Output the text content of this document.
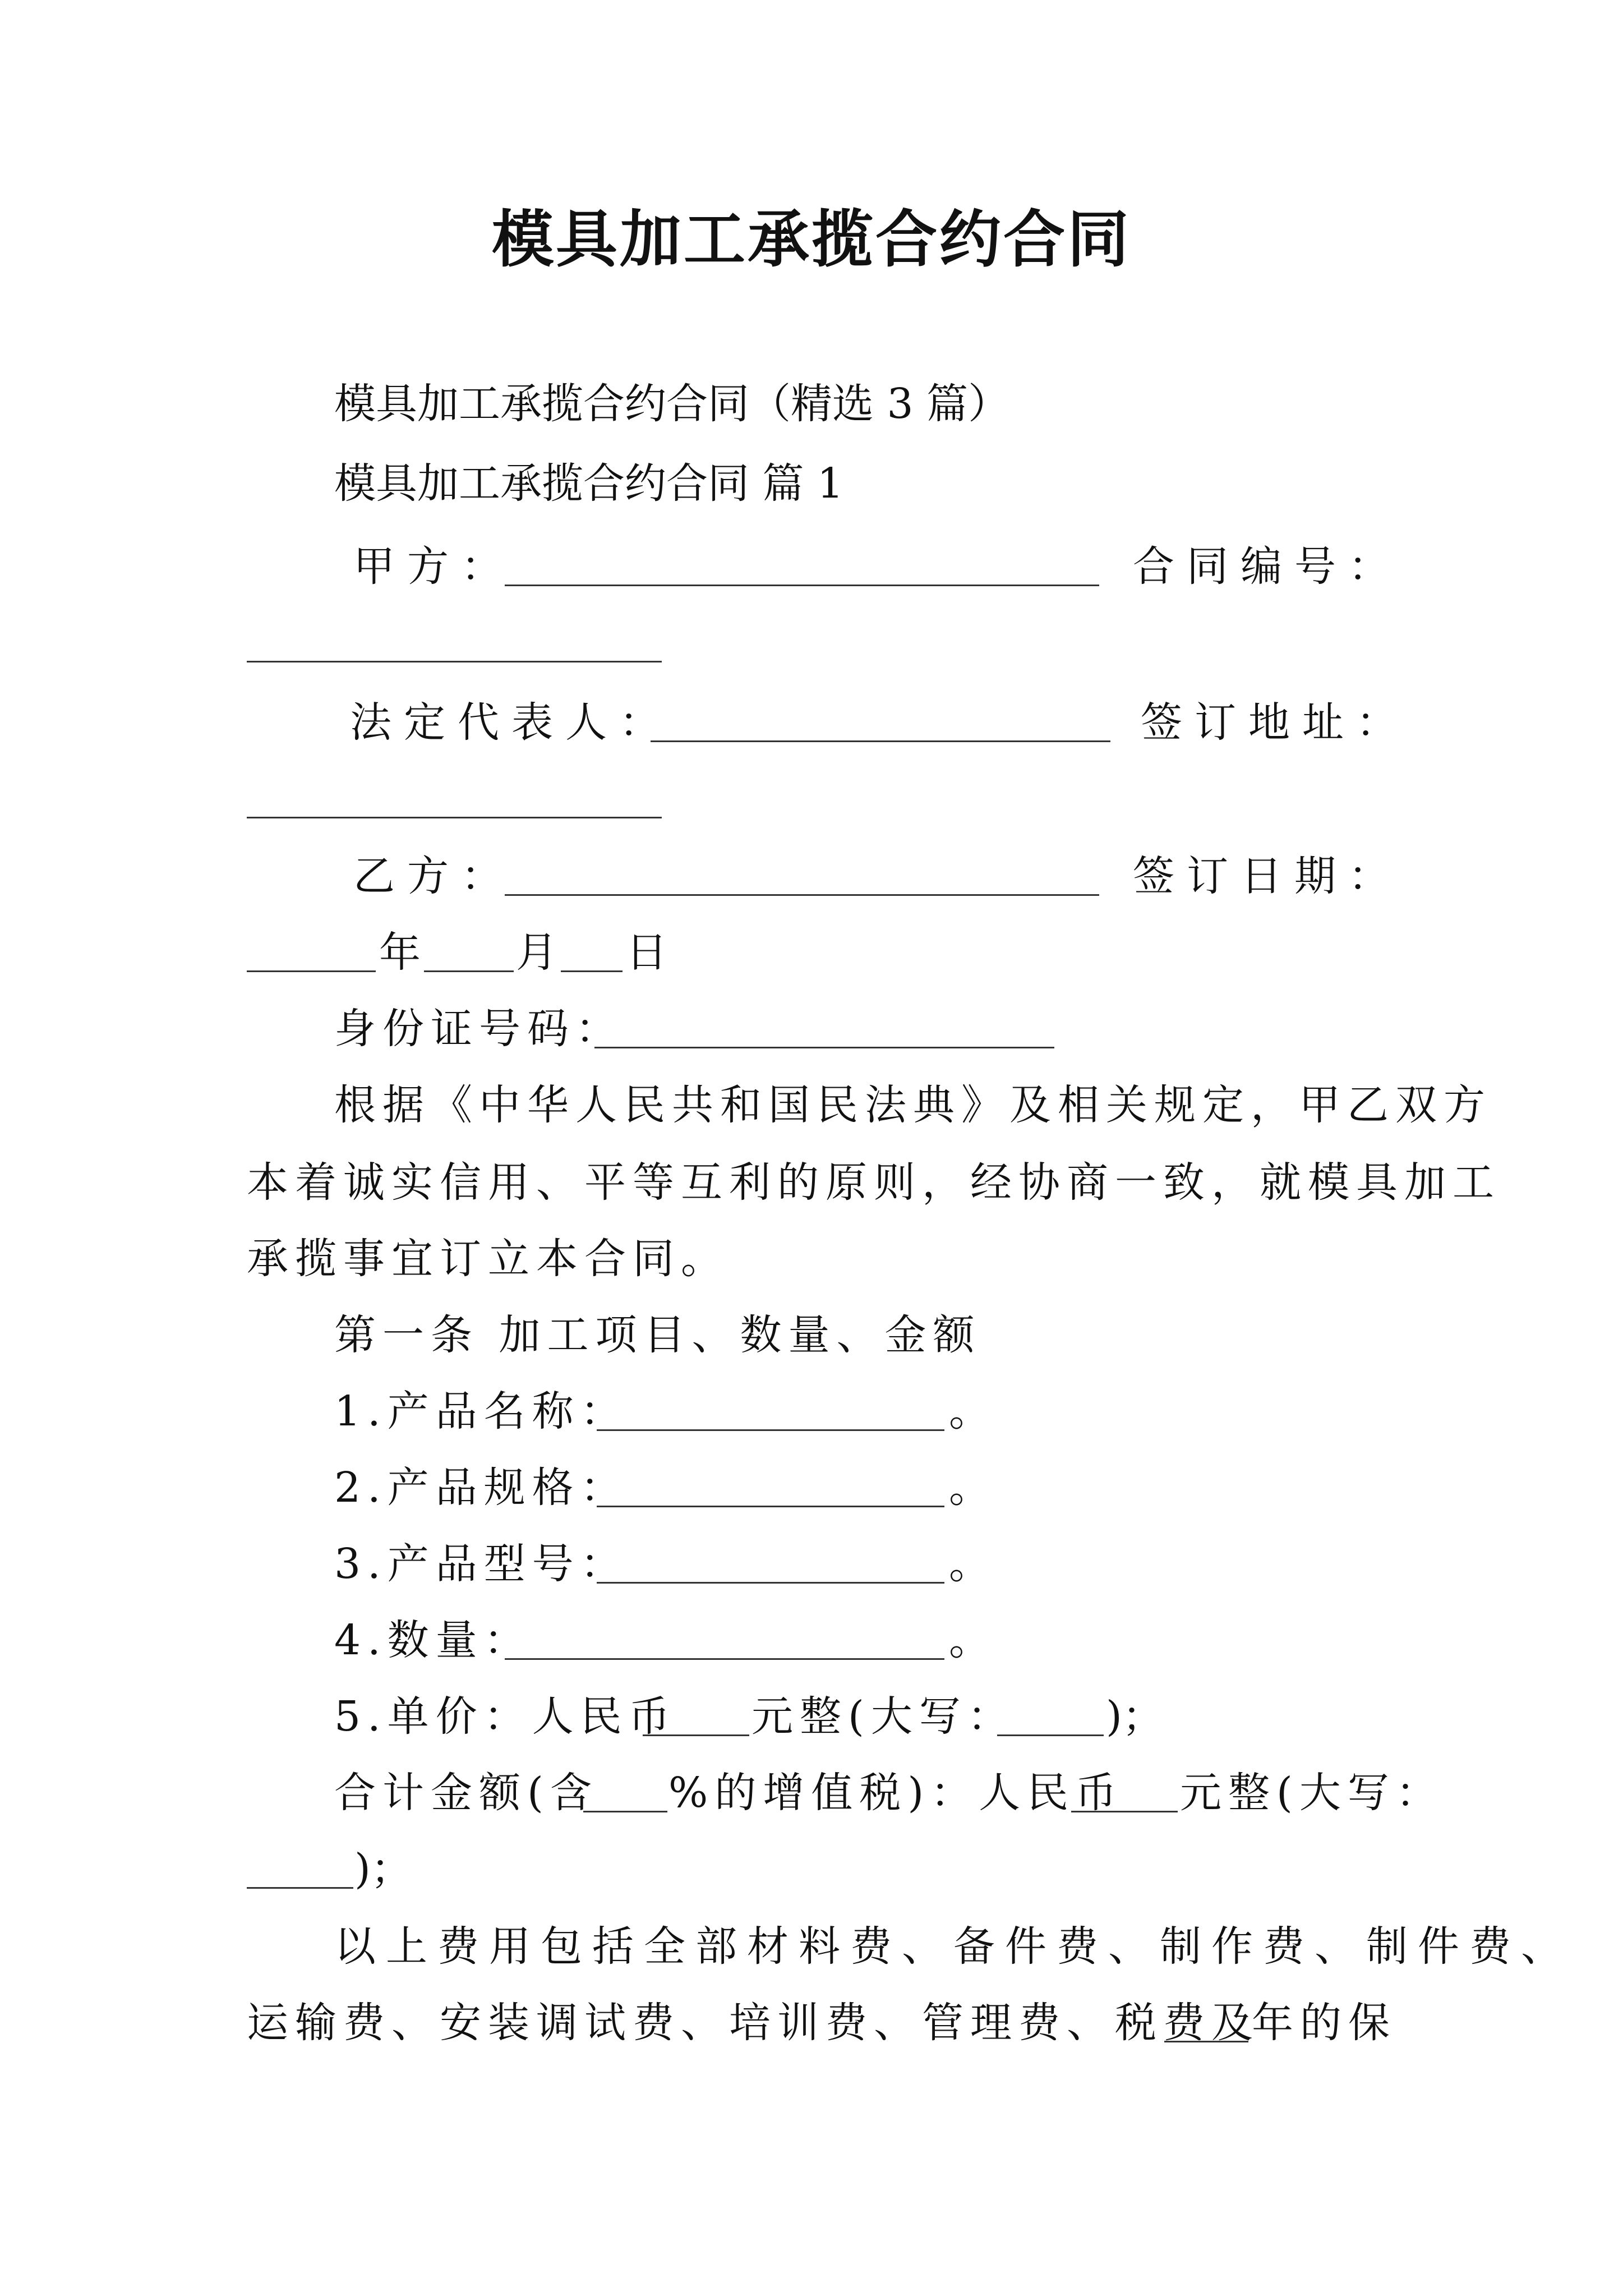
模具加工承揽合约合同
模具加工承揽合约合同（精选 3 篇）
模具加工承揽合约合同 篇 1
甲方：	合同编号：
法定代表人：	签订地址：
乙方：	签订日期：
年 月 日
身份证号码：
根据《中华人民共和国民法典》及相关规定，甲乙双方
本着诚实信用、平等互利的原则，经协商一致，就模具加工
承揽事宜订立本合同。
第一条 加工项目、数量、金额
1.产品名称：	。
2.产品规格：	。
3.产品型号：	。
4.数量：	。
5.单价：人民币 元整(大写： )；
合计金额(含 %的增值税)：人民币 元整(大写：
)；
以上费用包括全部材料费、备件费、制作费、制件费、
运输费、安装调试费、培训费、管理费、税费及
年的保
